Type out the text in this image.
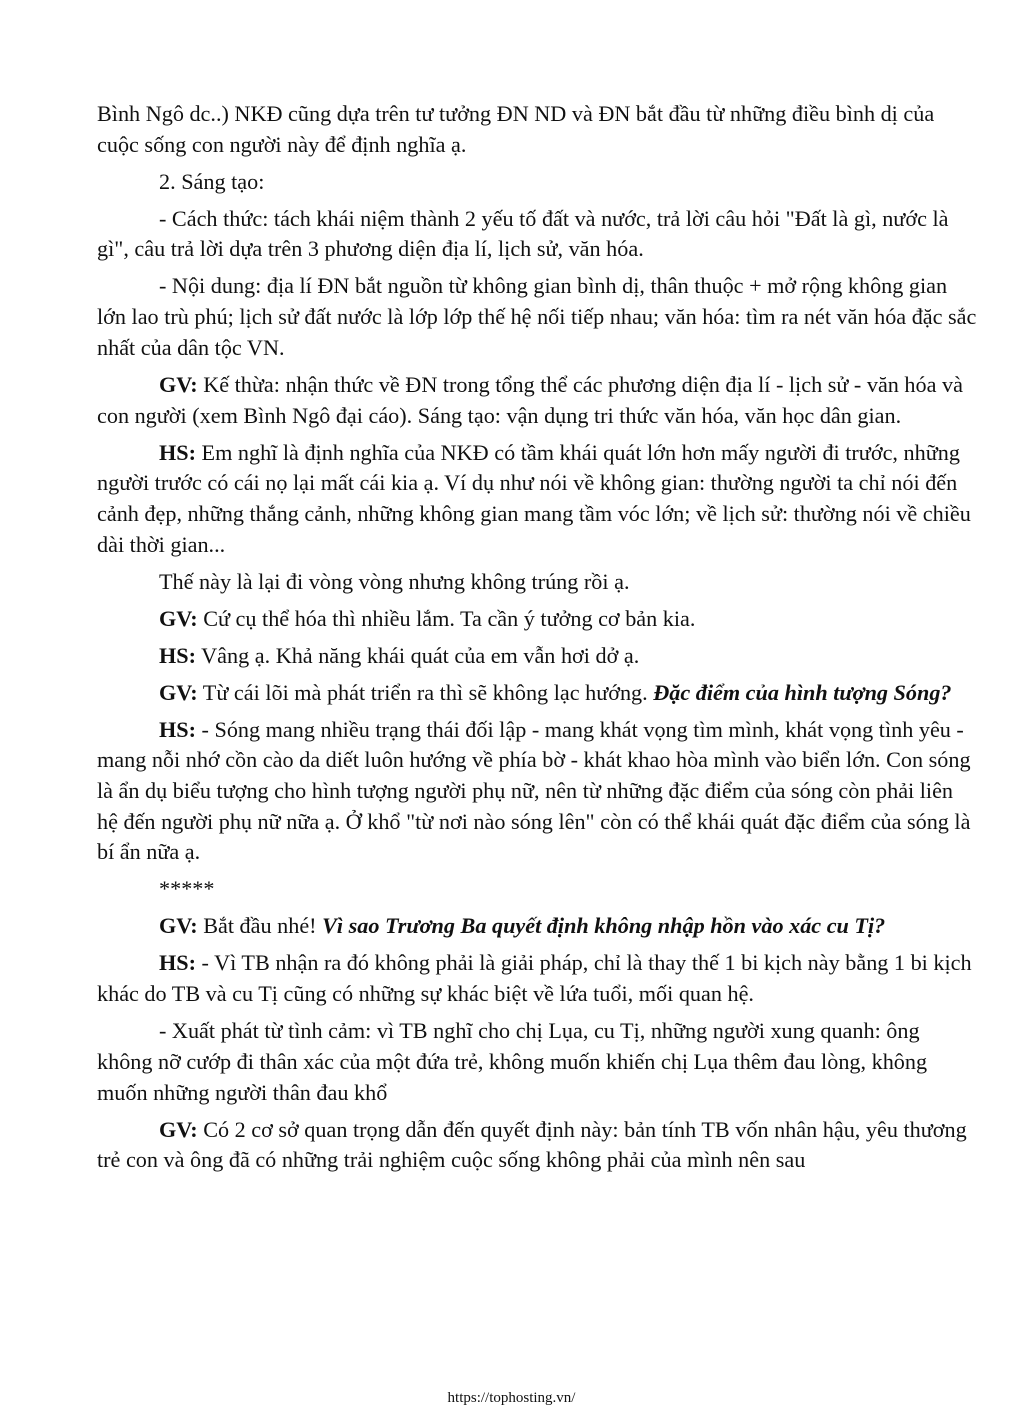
Bình Ngô dc..) NKĐ cũng dựa trên tư tưởng ĐN ND và ĐN bắt đầu từ những điều bình dị của cuộc sống con người này để định nghĩa ạ.

2. Sáng tạo:

- Cách thức: tách khái niệm thành 2 yếu tố đất và nước, trả lời câu hỏi "Đất là gì, nước là gì", câu trả lời dựa trên 3 phương diện địa lí, lịch sử, văn hóa.

- Nội dung: địa lí ĐN bắt nguồn từ không gian bình dị, thân thuộc + mở rộng không gian lớn lao trù phú; lịch sử đất nước là lớp lớp thế hệ nối tiếp nhau; văn hóa: tìm ra nét văn hóa đặc sắc nhất của dân tộc VN.

GV: Kế thừa: nhận thức về ĐN trong tổng thể các phương diện địa lí - lịch sử - văn hóa và con người (xem Bình Ngô đại cáo). Sáng tạo: vận dụng tri thức văn hóa, văn học dân gian.

HS: Em nghĩ là định nghĩa của NKĐ có tầm khái quát lớn hơn mấy người đi trước, những người trước có cái nọ lại mất cái kia ạ. Ví dụ như nói về không gian: thường người ta chỉ nói đến cảnh đẹp, những thắng cảnh, những không gian mang tầm vóc lớn; về lịch sử: thường nói về chiều dài thời gian...

Thế này là lại đi vòng vòng nhưng không trúng rồi ạ.

GV: Cứ cụ thể hóa thì nhiều lắm. Ta cần ý tưởng cơ bản kia.

HS: Vâng ạ. Khả năng khái quát của em vẫn hơi dở ạ.

GV: Từ cái lõi mà phát triển ra thì sẽ không lạc hướng. Đặc điểm của hình tượng Sóng?

HS: - Sóng mang nhiều trạng thái đối lập - mang khát vọng tìm mình, khát vọng tình yêu - mang nỗi nhớ cồn cào da diết luôn hướng về phía bờ - khát khao hòa mình vào biển lớn. Con sóng là ẩn dụ biểu tượng cho hình tượng người phụ nữ, nên từ những đặc điểm của sóng còn phải liên hệ đến người phụ nữ nữa ạ. Ở khổ "từ nơi nào sóng lên" còn có thể khái quát đặc điểm của sóng là bí ẩn nữa ạ.

*****

GV: Bắt đầu nhé! Vì sao Trương Ba quyết định không nhập hồn vào xác cu Tị?

HS: - Vì TB nhận ra đó không phải là giải pháp, chỉ là thay thế 1 bi kịch này bằng 1 bi kịch khác do TB và cu Tị cũng có những sự khác biệt về lứa tuổi, mối quan hệ.

- Xuất phát từ tình cảm: vì TB nghĩ cho chị Lụa, cu Tị, những người xung quanh: ông không nỡ cướp đi thân xác của một đứa trẻ, không muốn khiến chị Lụa thêm đau lòng, không muốn những người thân đau khổ

GV: Có 2 cơ sở quan trọng dẫn đến quyết định này: bản tính TB vốn nhân hậu, yêu thương trẻ con và ông đã có những trải nghiệm cuộc sống không phải của mình nên sau

https://tophosting.vn/
